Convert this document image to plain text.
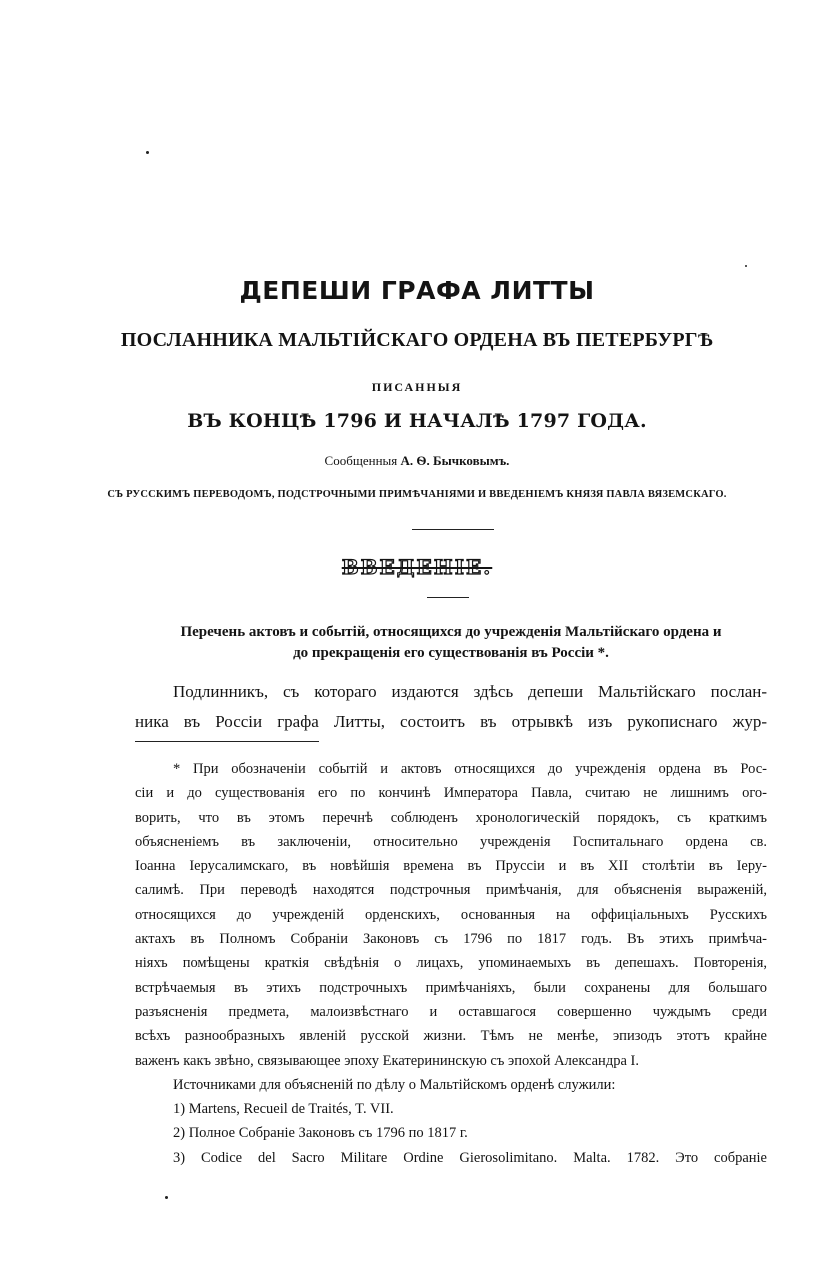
ДЕПЕШИ ГРАФА ЛИТТЫ
ПОСЛАННИКА МАЛЬТІЙСКАГО ОРДЕНА ВЪ ПЕТЕРБУРГѢ
ПИСАННЫЯ
ВЪ КОНЦѢ 1796 И НАЧАЛѢ 1797 ГОДА.
Сообщенныя А. Ѳ. Бычковымъ.
СЪ РУССКИМЪ ПЕРЕВОДОМЪ, ПОДСТРОЧНЫМИ ПРИМѢЧАНІЯМИ И ВВЕДЕНІЕМЪ КНЯЗЯ ПАВЛА ВЯЗЕМСКАГО.
ВВЕДЕНІЕ.
Перечень актовъ и событій, относящихся до учрежденія Мальтійскаго ордена и
до прекращенія его существованія въ Россіи *.
Подлинникъ, съ котораго издаются здѣсь депеши Мальтійскаго послан-
ника въ Россіи графа Литты, состоитъ въ отрывкѣ изъ рукописнаго жур-
* При обозначеніи событій и актовъ относящихся до учрежденія ордена въ Рос-
сіи и до существованія его по кончинѣ Императора Павла, считаю не лишнимъ ого-
ворить, что въ этомъ перечнѣ соблюденъ хронологическій порядокъ, съ краткимъ
объясненіемъ въ заключеніи, относительно учрежденія Госпитальнаго ордена св.
Іоанна Іерусалимскаго, въ новѣйшія времена въ Пруссіи и въ XII столѣтіи въ Іеру-
салимѣ. При переводѣ находятся подстрочныя примѣчанія, для объясненія выраженій,
относящихся до учрежденій орденскихъ, основанныя на оффиціальныхъ Русскихъ
актахъ въ Полномъ Собраніи Законовъ съ 1796 по 1817 годъ. Въ этихъ примѣча-
ніяхъ помѣщены краткія свѣдѣнія о лицахъ, упоминаемыхъ въ депешахъ. Повторенія,
встрѣчаемыя въ этихъ подстрочныхъ примѣчаніяхъ, были сохранены для большаго
разъясненія предмета, малоизвѣстнаго и оставшагося совершенно чуждымъ среди
всѣхъ разнообразныхъ явленій русской жизни. Тѣмъ не менѣе, эпизодъ этотъ крайне
важенъ какъ звѣно, связывающее эпоху Екатерининскую съ эпохой Александра I.
Источниками для объясненій по дѣлу о Мальтійскомъ орденѣ служили:
1) Martens, Recueil de Traités, T. VII.
2) Полное Собраніе Законовъ съ 1796 по 1817 г.
3) Codice del Sacro Militare Ordine Gierosolimitano. Malta. 1782. Это собраніе
